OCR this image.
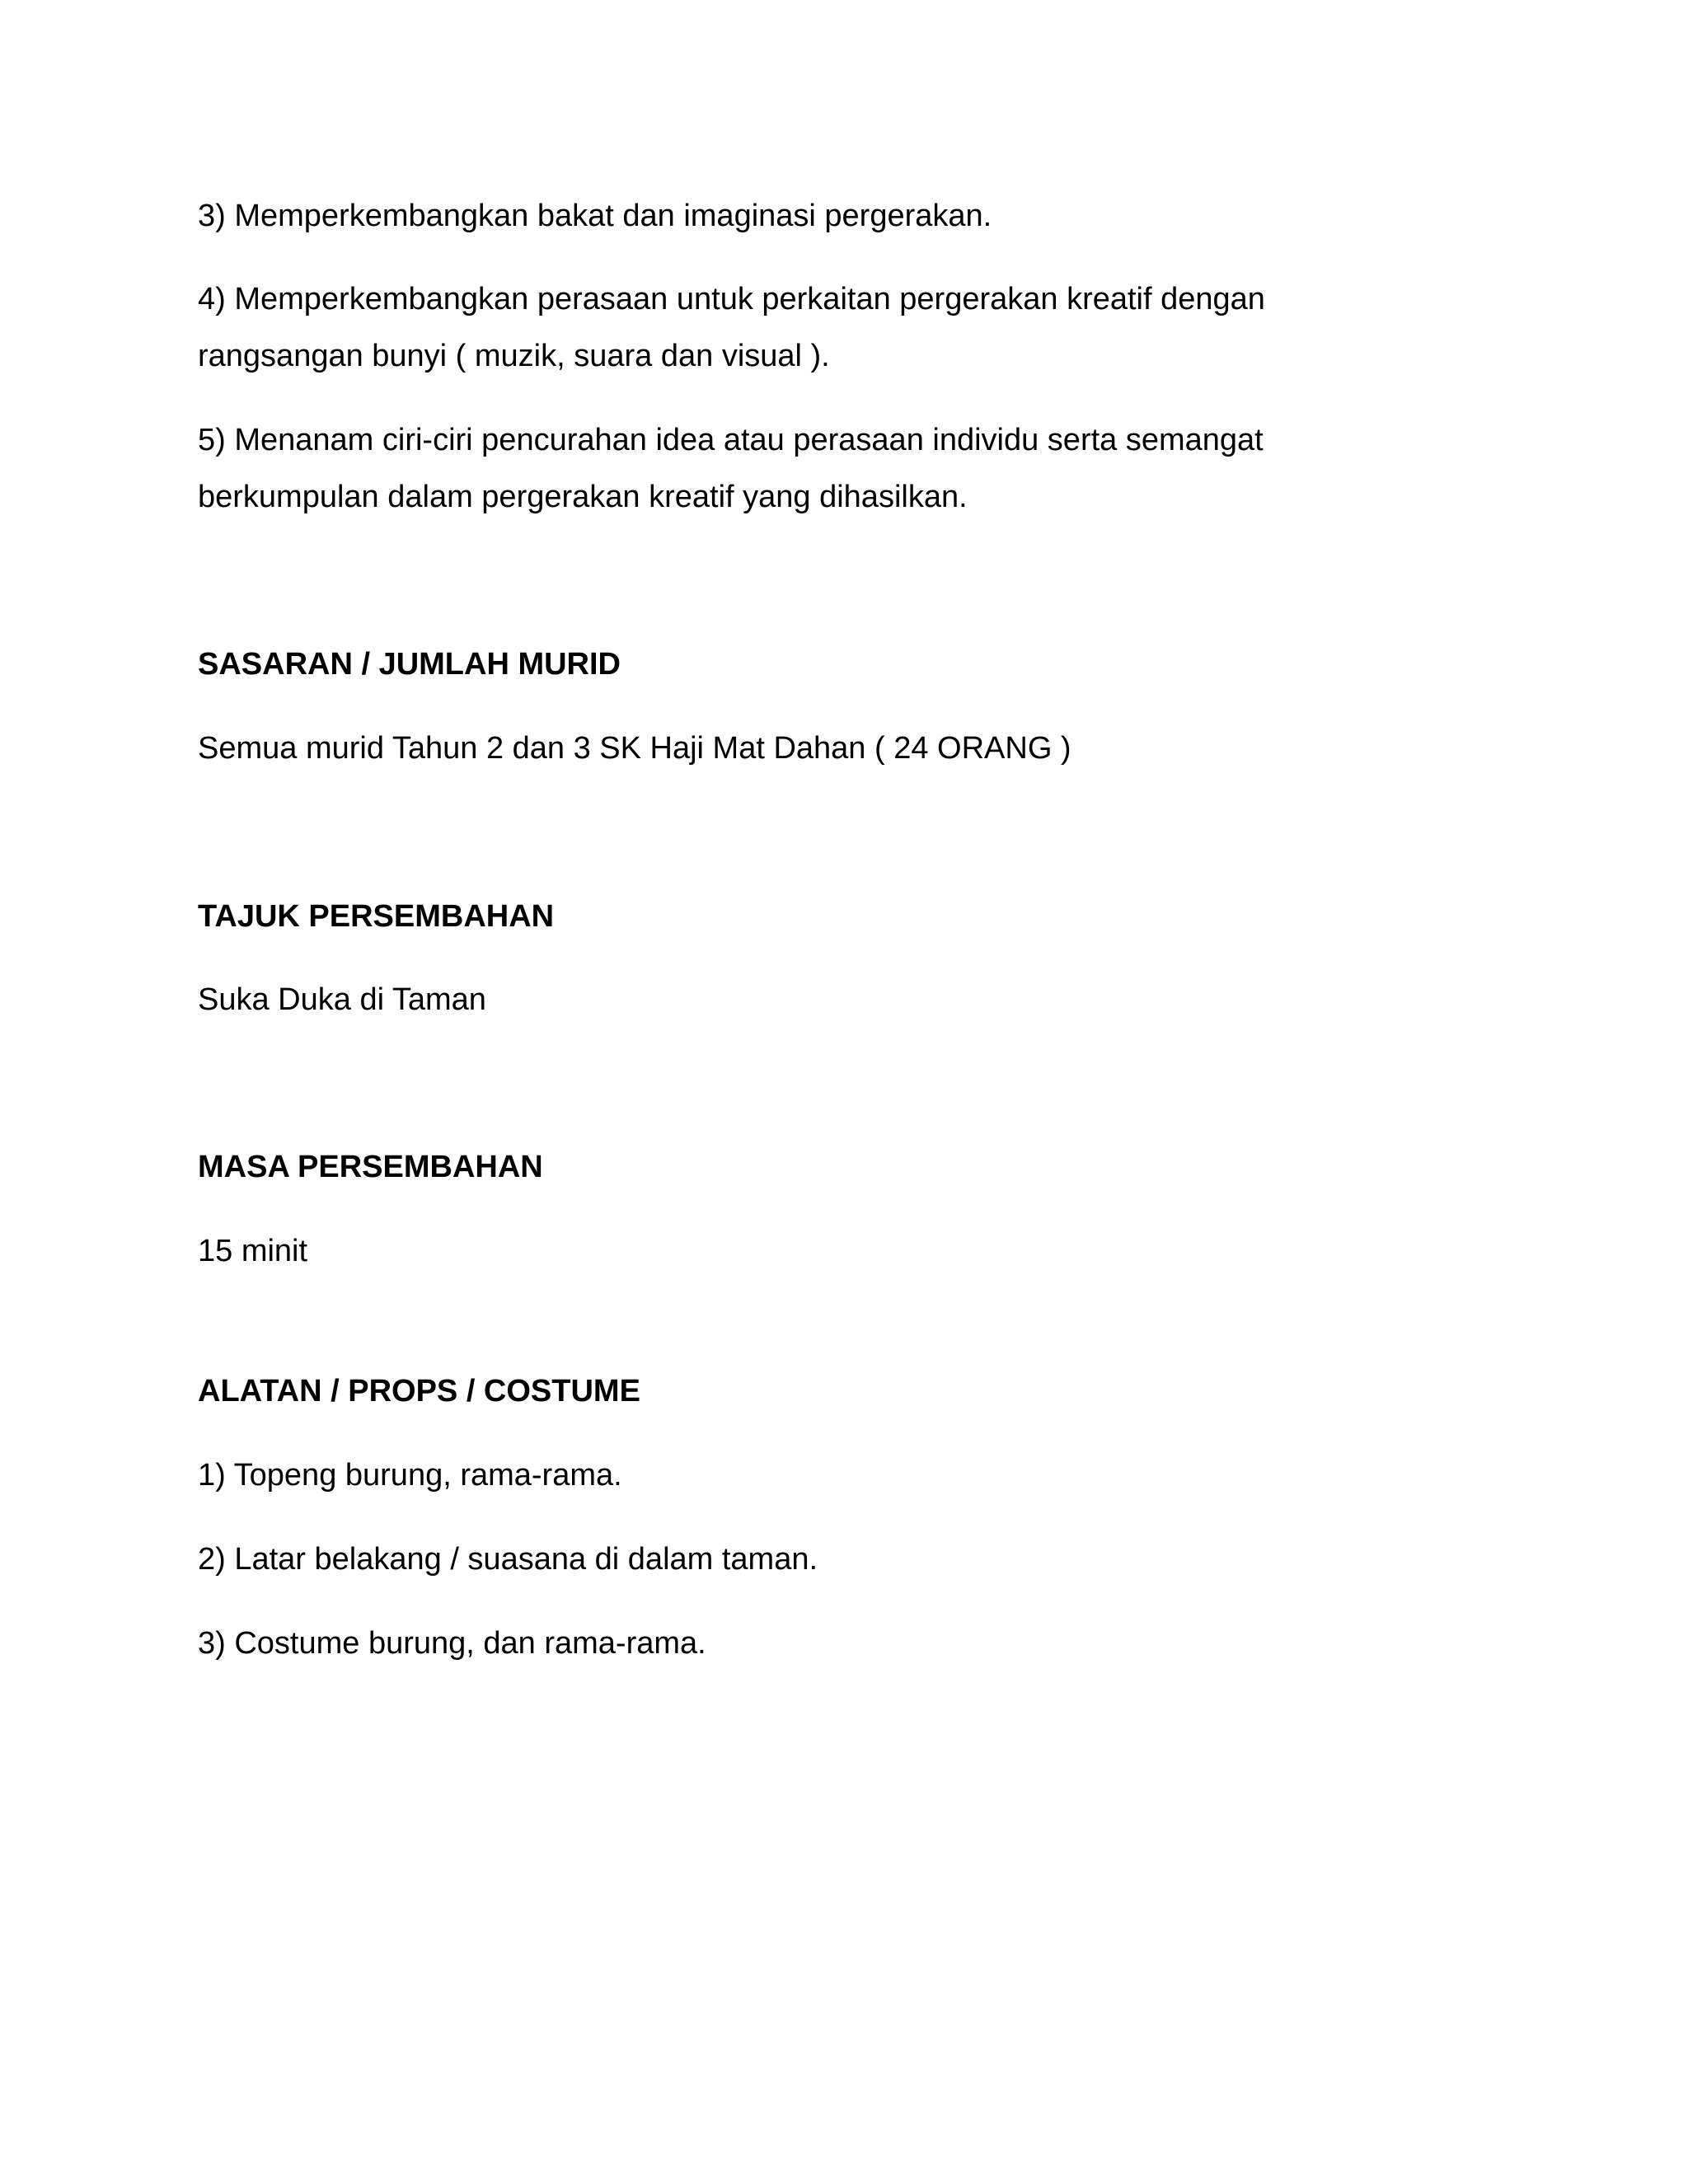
3) Memperkembangkan bakat dan imaginasi pergerakan.

4) Memperkembangkan perasaan untuk perkaitan pergerakan kreatif dengan

rangsangan bunyi ( muzik, suara dan visual ).

5) Menanam ciri-ciri pencurahan idea atau perasaan individu serta semangat

berkumpulan dalam pergerakan kreatif yang dihasilkan.

SASARAN / JUMLAH MURID

Semua murid Tahun 2 dan 3 SK Haji Mat Dahan ( 24 ORANG )

TAJUK PERSEMBAHAN

Suka Duka di Taman

MASA PERSEMBAHAN

15 minit

ALATAN / PROPS / COSTUME

1) Topeng burung, rama-rama.

2) Latar belakang / suasana di dalam taman.

3) Costume burung, dan rama-rama.
